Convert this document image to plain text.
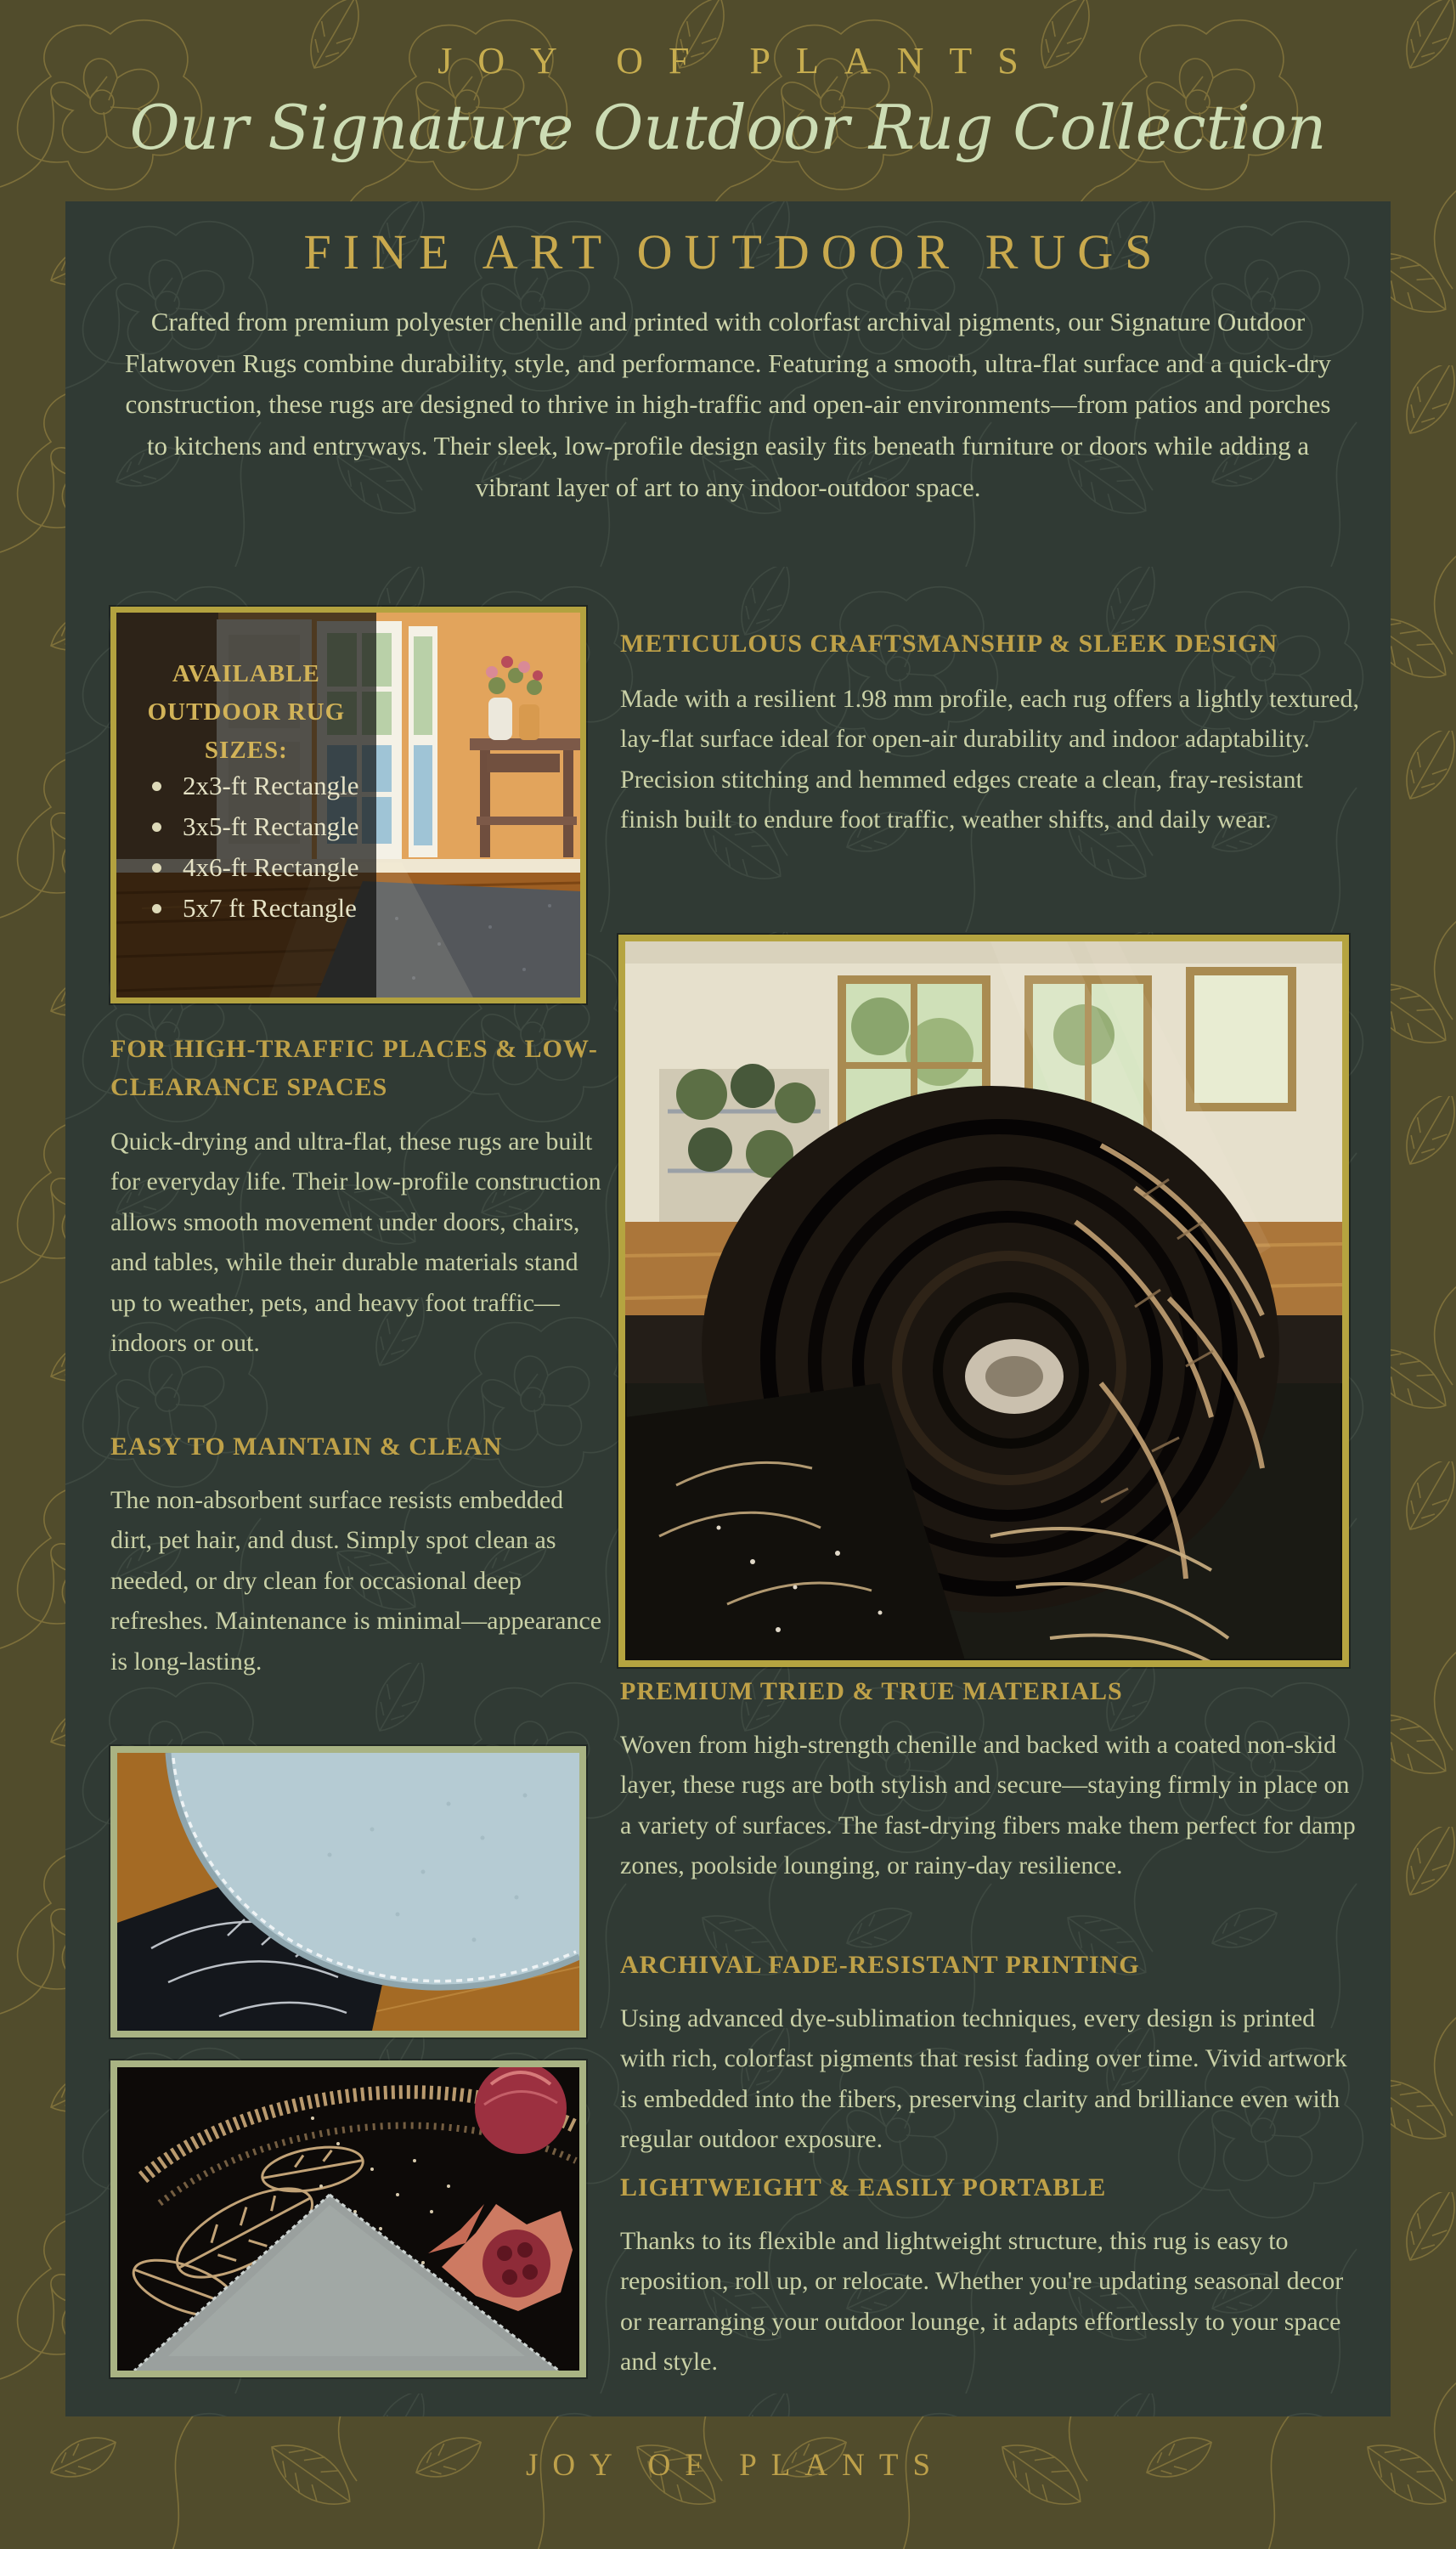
JOY OF PLANTS
Our Signature Outdoor Rug Collection
FINE ART OUTDOOR RUGS
Crafted from premium polyester chenille and printed with colorfast archival pigments, our Signature Outdoor Flatwoven Rugs combine durability, style, and performance. Featuring a smooth, ultra-flat surface and a quick-dry construction, these rugs are designed to thrive in high-traffic and open-air environments—from patios and porches to kitchens and entryways. Their sleek, low-profile design easily fits beneath furniture or doors while adding a vibrant layer of art to any indoor-outdoor space.
AVAILABLE OUTDOOR RUG SIZES:
2x3-ft Rectangle
3x5-ft Rectangle
4x6-ft Rectangle
5x7 ft Rectangle
METICULOUS CRAFTSMANSHIP & SLEEK DESIGN
Made with a resilient 1.98 mm profile, each rug offers a lightly textured, lay-flat surface ideal for open-air durability and indoor adaptability. Precision stitching and hemmed edges create a clean, fray-resistant finish built to endure foot traffic, weather shifts, and daily wear.
FOR HIGH-TRAFFIC PLACES & LOW-CLEARANCE SPACES
Quick-drying and ultra-flat, these rugs are built for everyday life. Their low-profile construction allows smooth movement under doors, chairs, and tables, while their durable materials stand up to weather, pets, and heavy foot traffic—indoors or out.
EASY TO MAINTAIN & CLEAN
The non-absorbent surface resists embedded dirt, pet hair, and dust. Simply spot clean as needed, or dry clean for occasional deep refreshes. Maintenance is minimal—appearance is long-lasting.
PREMIUM TRIED & TRUE MATERIALS
Woven from high-strength chenille and backed with a coated non-skid layer, these rugs are both stylish and secure—staying firmly in place on a variety of surfaces. The fast-drying fibers make them perfect for damp zones, poolside lounging, or rainy-day resilience.
ARCHIVAL FADE-RESISTANT PRINTING
Using advanced dye-sublimation techniques, every design is printed with rich, colorfast pigments that resist fading over time. Vivid artwork is embedded into the fibers, preserving clarity and brilliance even with regular outdoor exposure.
LIGHTWEIGHT & EASILY PORTABLE
Thanks to its flexible and lightweight structure, this rug is easy to reposition, roll up, or relocate. Whether you're updating seasonal decor or rearranging your outdoor lounge, it adapts effortlessly to your space and style.
JOY OF PLANTS
